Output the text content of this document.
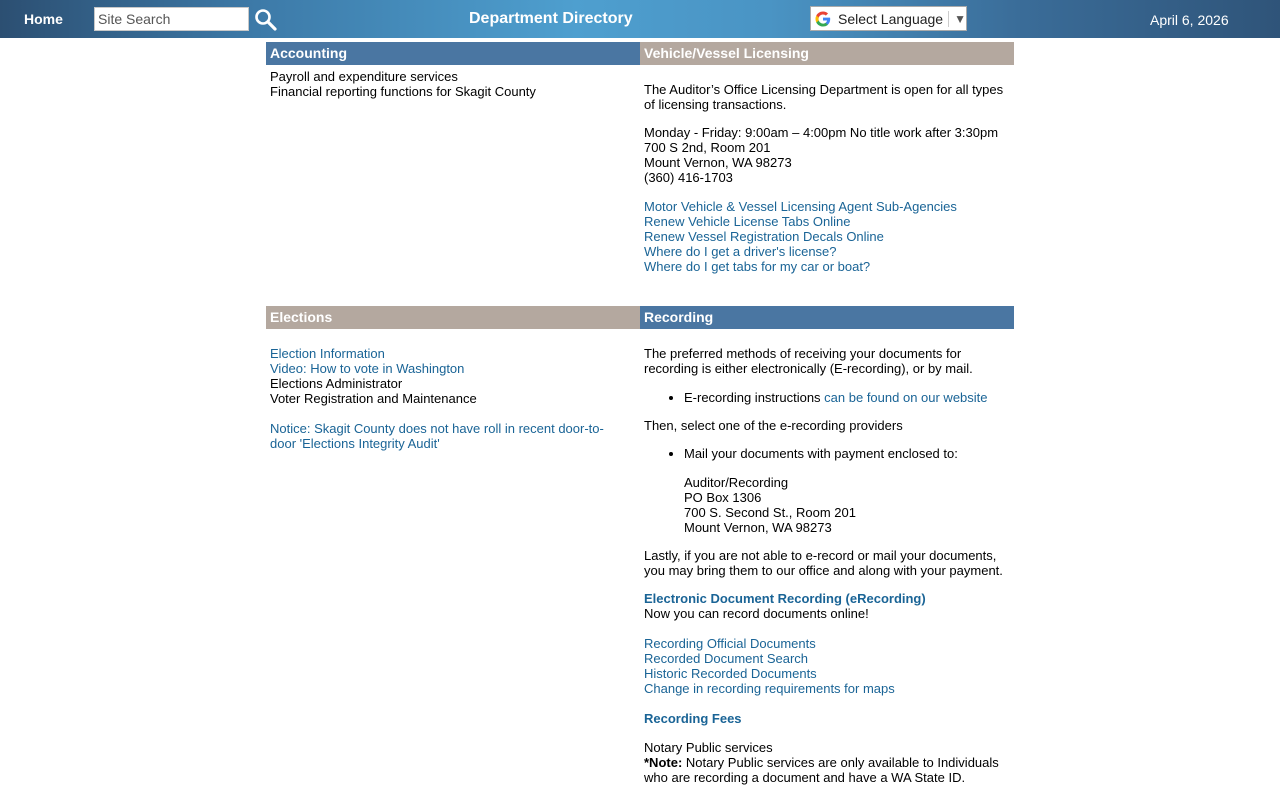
Home
Site Search	Department Directory	Select Language ▼	April 6, 2026
Accounting

Payroll and expenditure services

Financial reporting functions for Skagit County

Vehicle/Vessel Licensing

The Auditor’s Office Licensing Department is open for all types of licensing transactions.

Monday - Friday: 9:00am – 4:00pm No title work after 3:30pm

700 S 2nd, Room 201

Mount Vernon, WA 98273

(360) 416-1703

Motor Vehicle & Vessel Licensing Agent Sub-Agencies
Renew Vehicle License Tabs Online
Renew Vessel Registration Decals Online
Where do I get a driver's license?
Where do I get tabs for my car or boat?
Elections
Election Information
Video: How to vote in Washington

Elections Administrator

Voter Registration and Maintenance

Notice: Skagit County does not have roll in recent door-to-door 'Elections Integrity Audit'
Recording

The preferred methods of receiving your documents for recording is either electronically (E-recording), or by mail.

• E-recording instructions can be found on our website

Then, select one of the e-recording providers

• Mail your documents with payment enclosed to:

Auditor/Recording

PO Box 1306

700 S. Second St., Room 201

Mount Vernon, WA 98273

Lastly, if you are not able to e-record or mail your documents, you may bring them to our office and along with your payment.

Electronic Document Recording (eRecording)

Now you can record documents online!

Recording Official Documents
Recorded Document Search
Historic Recorded Documents
Change in recording requirements for maps
Recording Fees

Notary Public services

*Note: Notary Public services are only available to Individuals who are recording a document and have a WA State ID.
